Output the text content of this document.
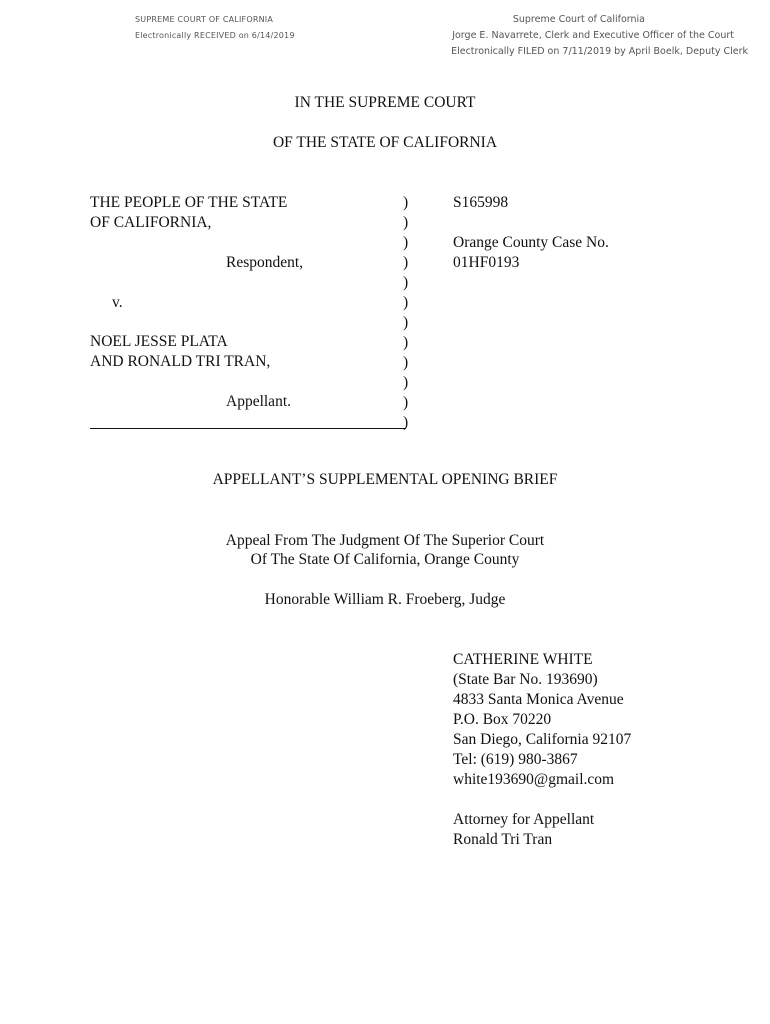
SUPREME COURT OF CALIFORNIA
Electronically RECEIVED on 6/14/2019
Supreme Court of California
Jorge E. Navarrete, Clerk and Executive Officer of the Court
Electronically FILED on 7/11/2019 by April Boelk, Deputy Clerk
IN THE SUPREME COURT
OF THE STATE OF CALIFORNIA
THE PEOPLE OF THE STATE
OF CALIFORNIA,
Respondent,
v.
NOEL JESSE PLATA
AND RONALD TRI TRAN,
Appellant.
)
)
)
)
)
)
)
)
)
)
)
)
S165998
Orange County Case No.
01HF0193
APPELLANT’S SUPPLEMENTAL OPENING BRIEF
Appeal From The Judgment Of The Superior Court
Of The State Of California, Orange County
Honorable William R. Froeberg, Judge
CATHERINE WHITE
(State Bar No. 193690)
4833 Santa Monica Avenue
P.O. Box 70220
San Diego, California 92107
Tel: (619) 980-3867
white193690@gmail.com
Attorney for Appellant
Ronald Tri Tran
